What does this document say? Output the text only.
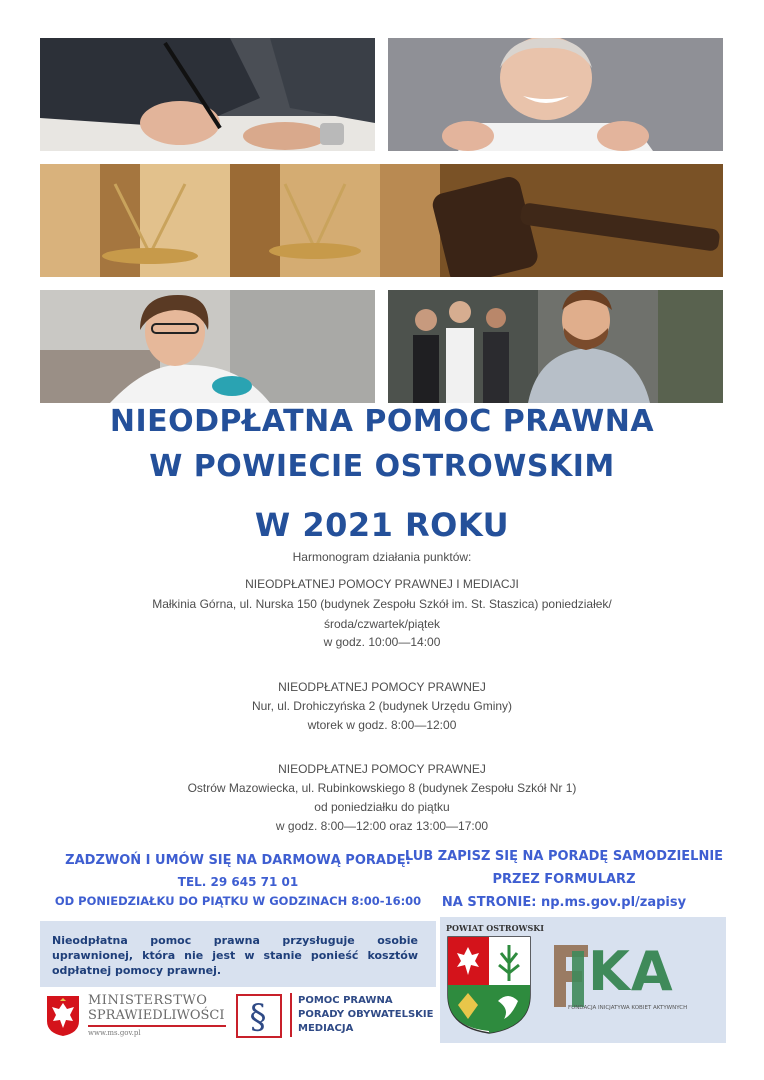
NIEODPŁATNA POMOC PRAWNA
W POWIECIE OSTROWSKIM
W 2021 ROKU
Harmonogram działania punktów:
NIEODPŁATNEJ POMOCY PRAWNEJ I MEDIACJI
Małkinia Górna, ul. Nurska 150 (budynek Zespołu Szkół im. St. Staszica) poniedziałek/
środa/czwartek/piątek
w godz. 10:00—14:00
NIEODPŁATNEJ POMOCY PRAWNEJ
Nur, ul. Drohiczyńska 2 (budynek Urzędu Gminy)
wtorek w godz. 8:00—12:00
NIEODPŁATNEJ POMOCY PRAWNEJ
Ostrów Mazowiecka, ul. Rubinkowskiego 8 (budynek Zespołu Szkół Nr 1)
od poniedziałku do piątku
w godz. 8:00—12:00 oraz 13:00—17:00
ZADZWOŃ I UMÓW SIĘ NA DARMOWĄ PORADĘ:
TEL. 29 645 71 01
OD PONIEDZIAŁKU DO PIĄTKU W GODZINACH 8:00-16:00
LUB ZAPISZ SIĘ NA PORADĘ SAMODZIELNIE
PRZEZ FORMULARZ
NA STRONIE: np.ms.gov.pl/zapisy

Nieodpłatna pomoc prawna przysługuje osobie uprawnionej, która nie jest w stanie ponieść kosztów odpłatnej pomocy prawnej.

MINISTERSTWO
SPRAWIEDLIWOŚCI
www.ms.gov.pl	§	POMOC PRAWNA
PORADY OBYWATELSKIE
MEDIACJA
POWIAT OSTROWSKI
KA
FUNDACJA INICJATYWA KOBIET AKTYWNYCH
